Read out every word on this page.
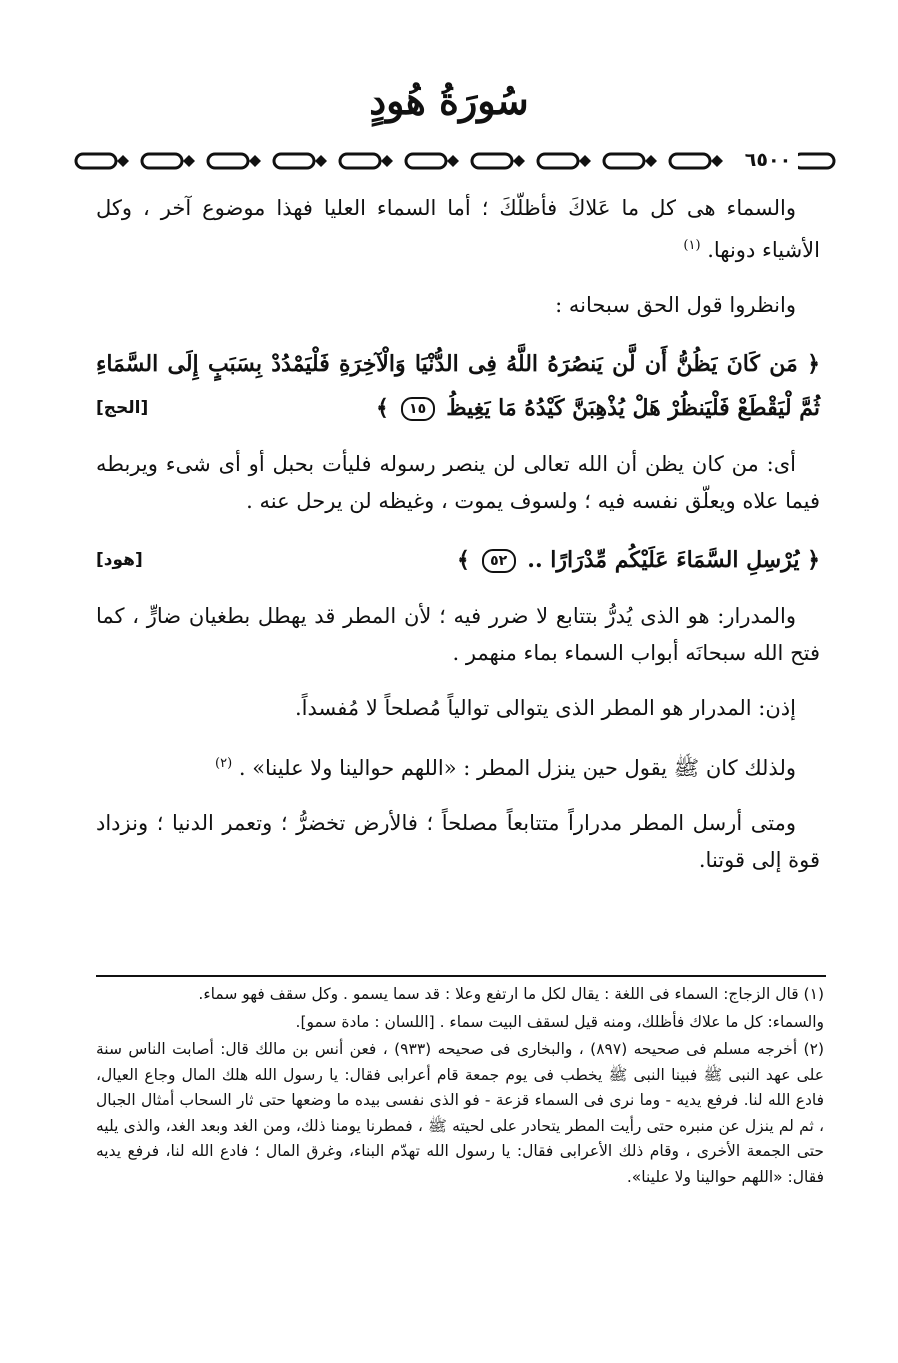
سُورَةُ هُودٍ
٦٥٠٠

والسماء هى كل ما عَلاكَ فأظلّكَ ؛ أما السماء العليا فهذا موضوع آخر ، وكل الأشياء دونها. $^{(١)}$

وانظروا قول الحق سبحانه :

﴿ مَن كَانَ يَظُنُّ أَن لَّن يَنصُرَهُ اللَّهُ فِى الدُّنْيَا وَالْآخِرَةِ فَلْيَمْدُدْ بِسَبَبٍ إِلَى السَّمَاءِ ثُمَّ لْيَقْطَعْ فَلْيَنظُرْ هَلْ يُذْهِبَنَّ كَيْدُهُ مَا يَغِيظُ ١٥ ﴾
[الحج]

أى: من كان يظن أن الله تعالى لن ينصر رسوله فليأت بحبل أو أى شىء ويربطه فيما علاه ويعلّق نفسه فيه ؛ ولسوف يموت ، وغيظه لن يرحل عنه .

﴿ يُرْسِلِ السَّمَاءَ عَلَيْكُم مِّدْرَارًا .. ٥٢ ﴾
[هود]

والمدرار: هو الذى يُدرُّ بتتابع لا ضرر فيه ؛ لأن المطر قد يهطل بطغيان ضارٍّ ، كما فتح الله سبحانَه أبواب السماء بماء منهمر .

إذن: المدرار هو المطر الذى يتوالى توالياً مُصلحاً لا مُفسداً.

ولذلك كان ﷺ يقول حين ينزل المطر : «اللهم حوالينا ولا علينا» . $^{(٢)}$

ومتى أرسل المطر مدراراً متتابعاً مصلحاً ؛ فالأرض تخضرُّ ؛ وتعمر الدنيا ؛ ونزداد قوة إلى قوتنا.

(١) قال الزجاج: السماء فى اللغة : يقال لكل ما ارتفع وعلا : قد سما يسمو . وكل سقف فهو سماء.

والسماء: كل ما علاك فأظلك، ومنه قيل لسقف البيت سماء . [اللسان : مادة سمو].

(٢) أخرجه مسلم فى صحيحه (٨٩٧) ، والبخارى فى صحيحه (٩٣٣) ، فعن أنس بن مالك قال: أصابت الناس سنة على عهد النبى ﷺ فبينا النبى ﷺ يخطب فى يوم جمعة قام أعرابى فقال: يا رسول الله هلك المال وجاع العيال، فادع الله لنا. فرفع يديه - وما نرى فى السماء قزعة - فو الذى نفسى بيده ما وضعها حتى ثار السحاب أمثال الجبال ، ثم لم ينزل عن منبره حتى رأيت المطر يتحادر على لحيته ﷺ ، فمطرنا يومنا ذلك، ومن الغد وبعد الغد، والذى يليه حتى الجمعة الأخرى ، وقام ذلك الأعرابى فقال: يا رسول الله تهدّم البناء، وغرق المال ؛ فادع الله لنا، فرفع يديه فقال: «اللهم حوالينا ولا علينا».
